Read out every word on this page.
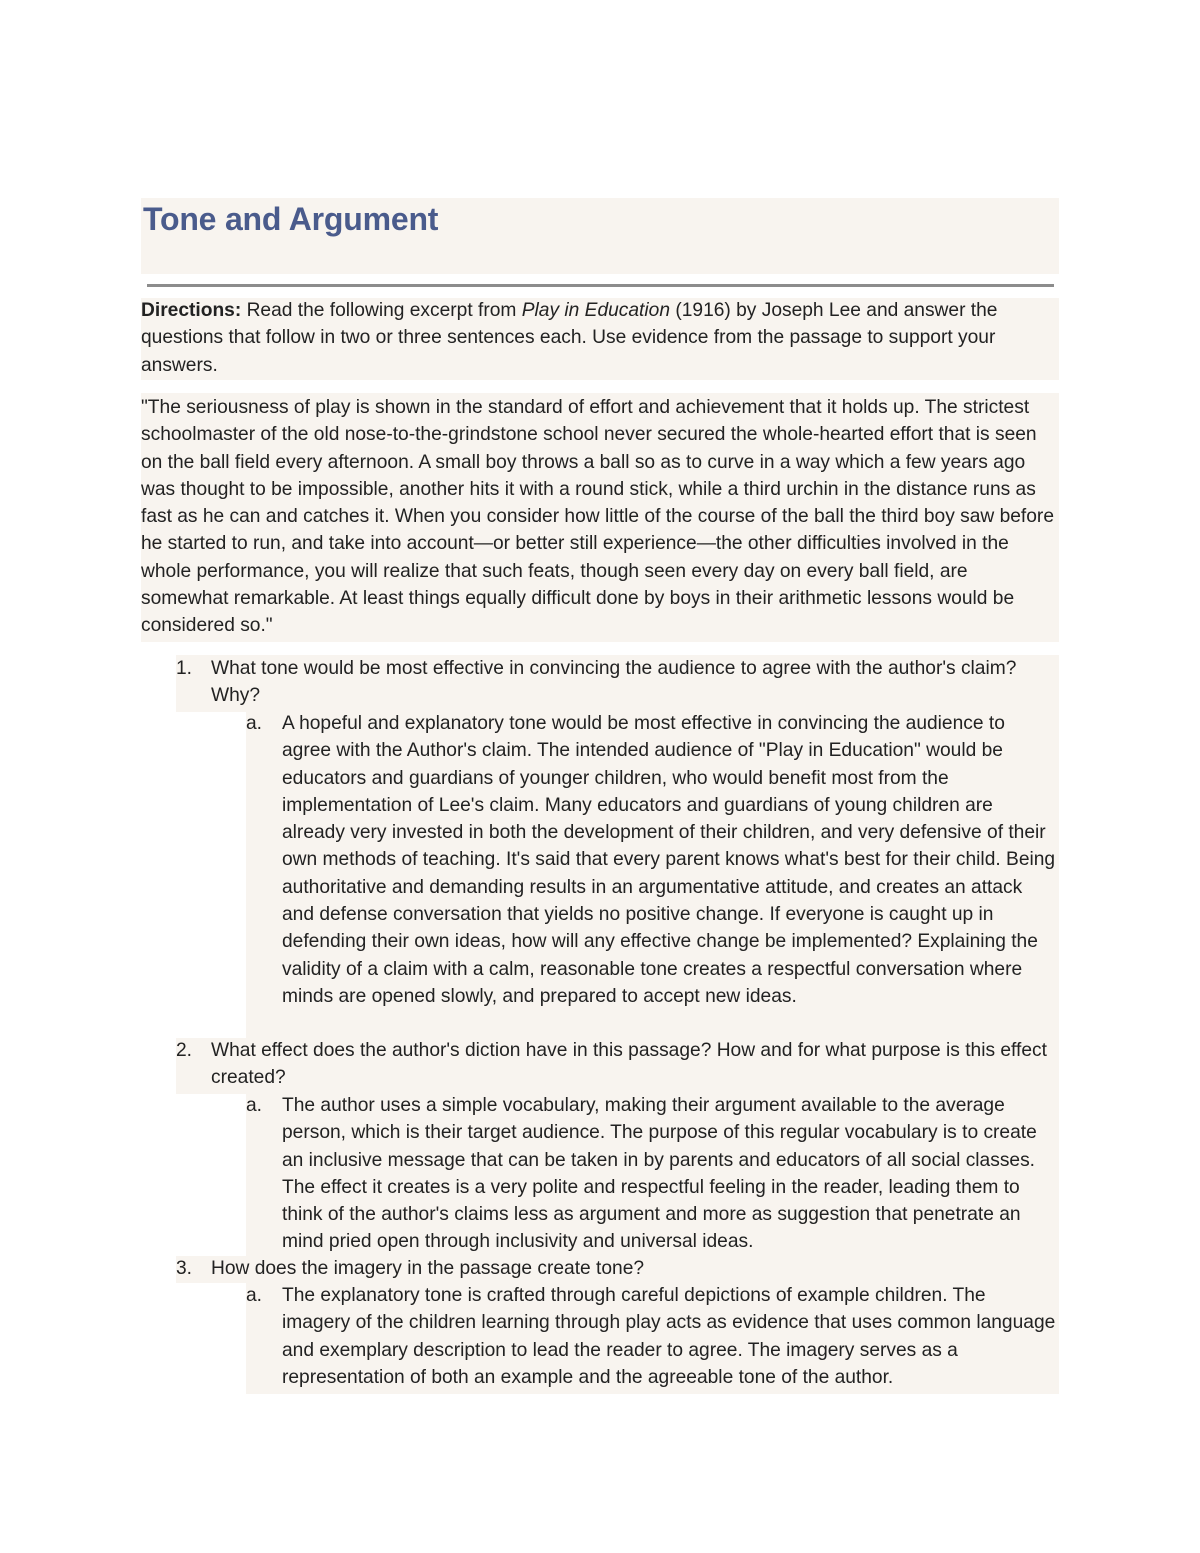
Tone and Argument

Directions: Read the following excerpt from Play in Education (1916) by Joseph Lee and answer the questions that follow in two or three sentences each. Use evidence from the passage to support your answers.

"The seriousness of play is shown in the standard of effort and achievement that it holds up. The strictest schoolmaster of the old nose-to-the-grindstone school never secured the whole-hearted effort that is seen on the ball field every afternoon. A small boy throws a ball so as to curve in a way which a few years ago was thought to be impossible, another hits it with a round stick, while a third urchin in the distance runs as fast as he can and catches it. When you consider how little of the course of the ball the third boy saw before he started to run, and take into account—or better still experience—the other difficulties involved in the whole performance, you will realize that such feats, though seen every day on every ball field, are somewhat remarkable. At least things equally difficult done by boys in their arithmetic lessons would be considered so."

1. What tone would be most effective in convincing the audience to agree with the author's claim? Why?

a.	A hopeful and explanatory tone would be most effective in convincing the audience to agree with the Author's claim. The intended audience of "Play in Education" would be educators and guardians of younger children, who would benefit most from the implementation of Lee's claim. Many educators and guardians of young children are already very invested in both the development of their children, and very defensive of their own methods of teaching. It's said that every parent knows what's best for their child. Being authoritative and demanding results in an argumentative attitude, and creates an attack and defense conversation that yields no positive change. If everyone is caught up in defending their own ideas, how will any effective change be implemented? Explaining the validity of a claim with a calm, reasonable tone creates a respectful conversation where minds are opened slowly, and prepared to accept new ideas.

2. What effect does the author's diction have in this passage? How and for what purpose is this effect created?

a.	The author uses a simple vocabulary, making their argument available to the average person, which is their target audience. The purpose of this regular vocabulary is to create an inclusive message that can be taken in by parents and educators of all social classes. The effect it creates is a very polite and respectful feeling in the reader, leading them to think of the author's claims less as argument and more as suggestion that penetrate an mind pried open through inclusivity and universal ideas.

3. How does the imagery in the passage create tone?

a.	The explanatory tone is crafted through careful depictions of example children. The imagery of the children learning through play acts as evidence that uses common language and exemplary description to lead the reader to agree. The imagery serves as a representation of both an example and the agreeable tone of the author.
